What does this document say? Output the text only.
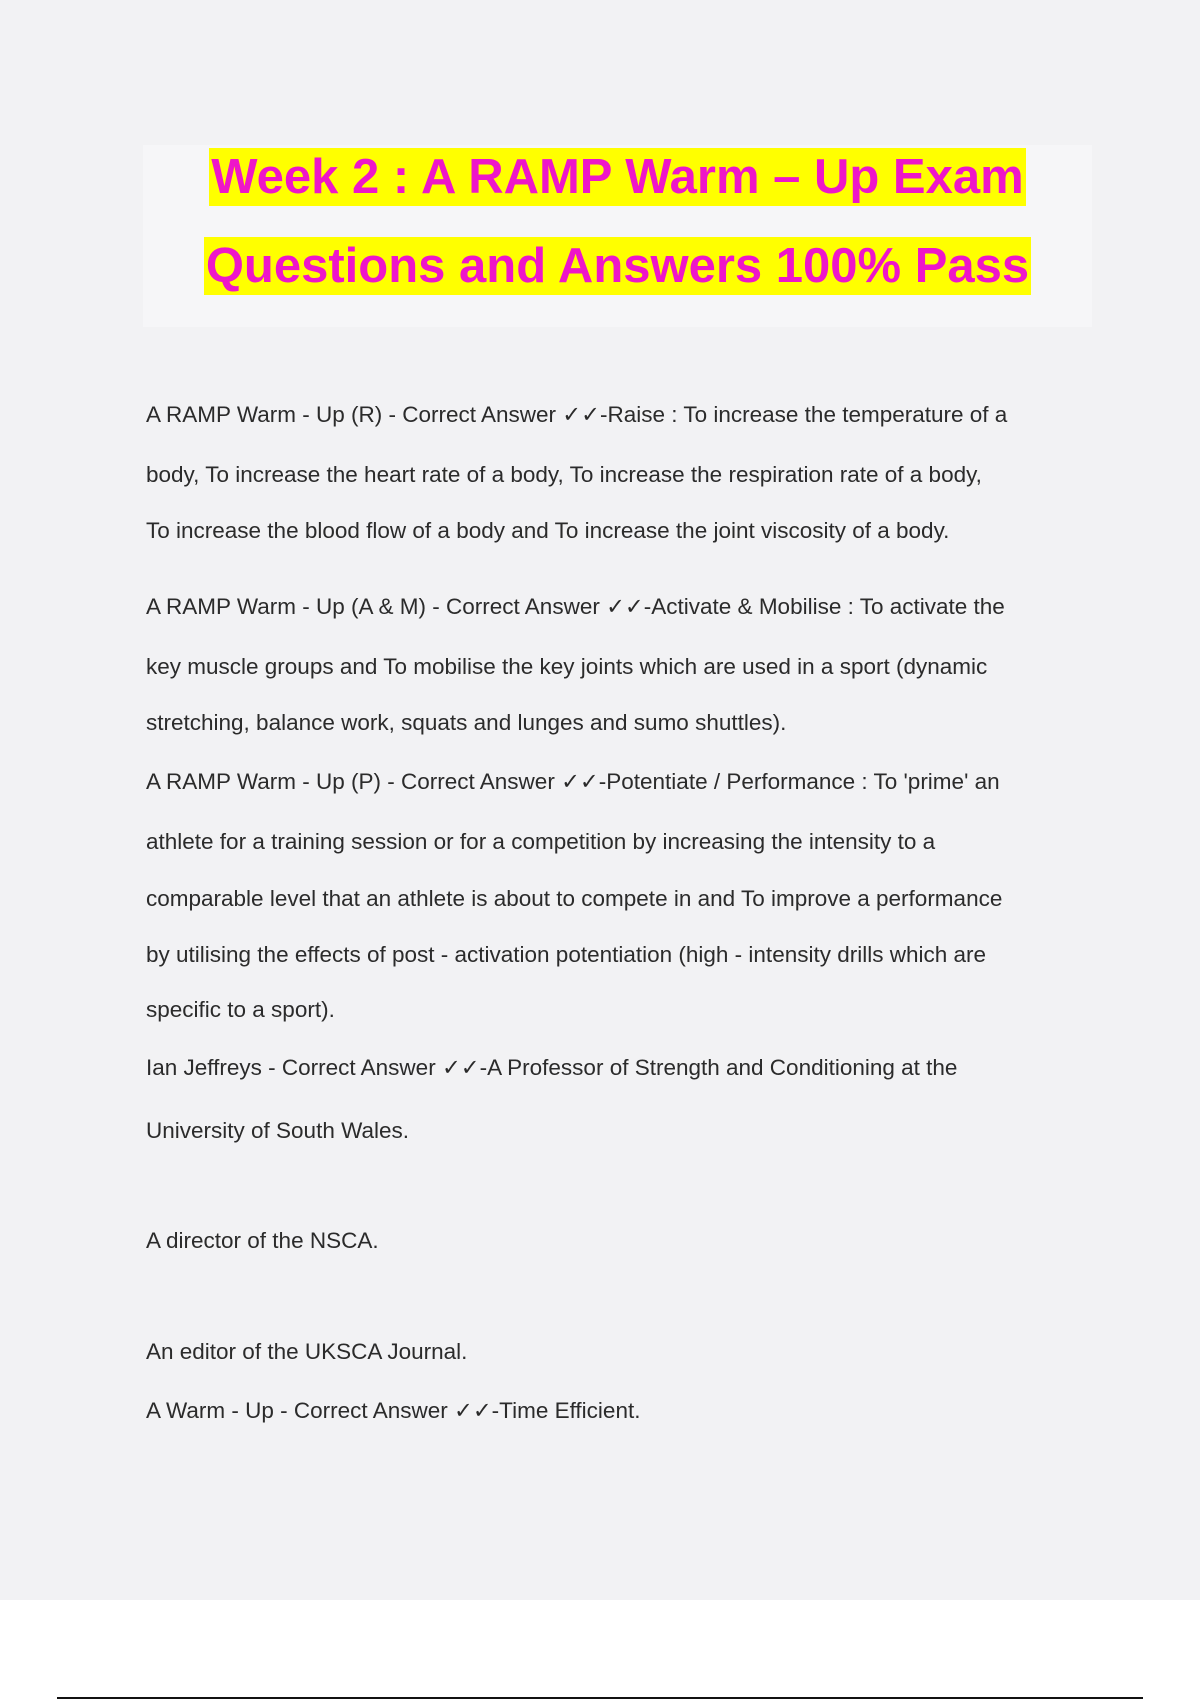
Week 2 : A RAMP Warm – Up Exam
Questions and Answers 100% Pass
A RAMP Warm - Up (R) - Correct Answer ✓✓-Raise : To increase the temperature of a
body, To increase the heart rate of a body, To increase the respiration rate of a body,
To increase the blood flow of a body and To increase the joint viscosity of a body.
A RAMP Warm - Up (A & M) - Correct Answer ✓✓-Activate & Mobilise : To activate the
key muscle groups and To mobilise the key joints which are used in a sport (dynamic
stretching, balance work, squats and lunges and sumo shuttles).
A RAMP Warm - Up (P) - Correct Answer ✓✓-Potentiate / Performance : To 'prime' an
athlete for a training session or for a competition by increasing the intensity to a
comparable level that an athlete is about to compete in and To improve a performance
by utilising the effects of post - activation potentiation (high - intensity drills which are
specific to a sport).
Ian Jeffreys - Correct Answer ✓✓-A Professor of Strength and Conditioning at the
University of South Wales.
A director of the NSCA.
An editor of the UKSCA Journal.
A Warm - Up - Correct Answer ✓✓-Time Efficient.
